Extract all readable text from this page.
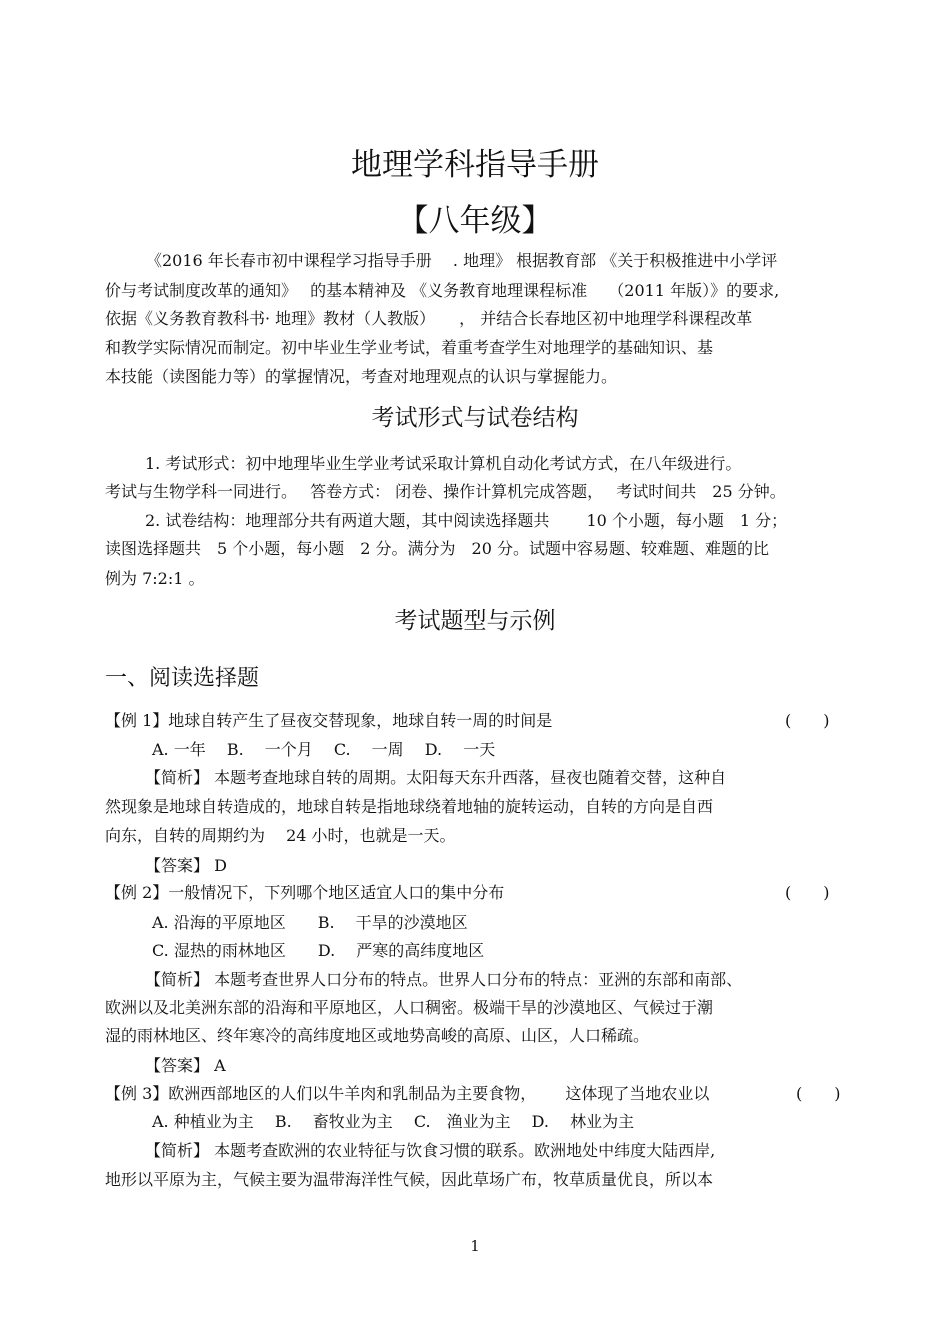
地理学科指导手册
【八年级】
《2016 年长春市初中课程学习指导手册　 . 地理》 根据教育部 《关于积极推进中小学评
价与考试制度改革的通知》　 的基本精神及 《义务教育地理课程标准　 （2011 年版）》的要求,
依据《义务教育教科书· 地理》教材（人教版）　　， 并结合长春地区初中地理学科课程改革
和教学实际情况而制定。初中毕业生学业考试，着重考查学生对地理学的基础知识、基
本技能（读图能力等）的掌握情况，考查对地理观点的认识与掌握能力。
考试形式与试卷结构
1. 考试形式：初中地理毕业生学业考试采取计算机自动化考试方式，在八年级进行。
考试与生物学科一同进行。　 答卷方式： 闭卷、操作计算机完成答题，　 考试时间共　25 分钟。
2. 试卷结构：地理部分共有两道大题，其中阅读选择题共　　 10 个小题，每小题　1 分；
读图选择题共　5 个小题，每小题　2 分。满分为　20 分。试题中容易题、较难题、难题的比
例为 7:2:1 。
考试题型与示例
一、阅读选择题
【例 1】地球自转产生了昼夜交替现象，地球自转一周的时间是	(　　)
A. 一年　 B.　 一个月　 C.　 一周　 D.　 一天
【简析】 本题考查地球自转的周期。太阳每天东升西落，昼夜也随着交替，这种自
然现象是地球自转造成的，地球自转是指地球绕着地轴的旋转运动，自转的方向是自西
向东，自转的周期约为　 24 小时，也就是一天。
【答案】 D
【例 2】一般情况下，下列哪个地区适宜人口的集中分布	(　　)
A. 沿海的平原地区　　B.　 干旱的沙漠地区
C. 湿热的雨林地区　　D.　 严寒的高纬度地区
【简析】 本题考查世界人口分布的特点。世界人口分布的特点：亚洲的东部和南部、
欧洲以及北美洲东部的沿海和平原地区，人口稠密。极端干旱的沙漠地区、气候过于潮
湿的雨林地区、终年寒冷的高纬度地区或地势高峻的高原、山区，人口稀疏。
【答案】 A
【例 3】欧洲西部地区的人们以牛羊肉和乳制品为主要食物，　　 这体现了当地农业以	(　　)
A. 种植业为主　 B.　 畜牧业为主　 C.　渔业为主　 D.　 林业为主
【简析】 本题考查欧洲的农业特征与饮食习惯的联系。欧洲地处中纬度大陆西岸,
地形以平原为主，气候主要为温带海洋性气候，因此草场广布，牧草质量优良，所以本
1
